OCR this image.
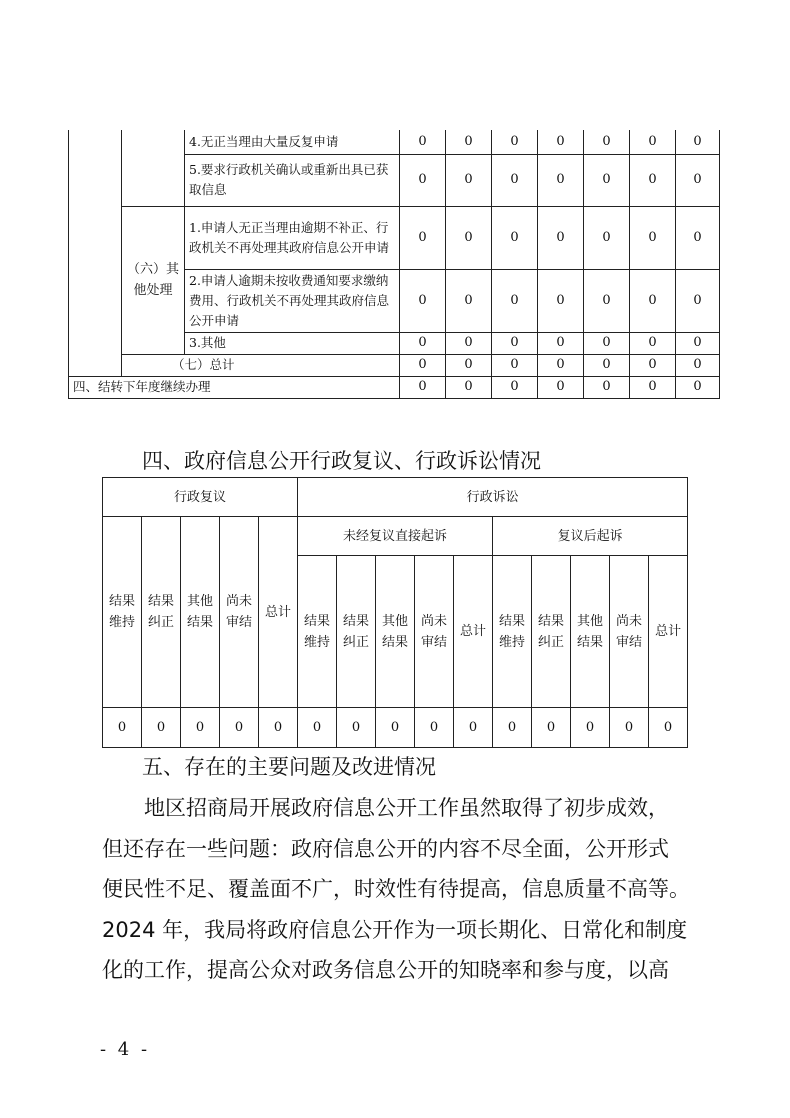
		4.无正当理由大量反复申请	0	0	0	0	0	0	0
		5.要求行政机关确认或重新出具已获取信息	0	0	0	0	0	0	0
	（六）其他处理	1.申请人无正当理由逾期不补正、行政机关不再处理其政府信息公开申请	0	0	0	0	0	0	0
		2.申请人逾期未按收费通知要求缴纳费用、行政机关不再处理其政府信息公开申请	0	0	0	0	0	0	0
		3.其他	0	0	0	0	0	0	0
	（七）总计		0	0	0	0	0	0	0
四、结转下年度继续办理			0	0	0	0	0	0	0
四、政府信息公开行政复议、行政诉讼情况
行政复议					行政诉讼									
结果维持	结果纠正	其他结果	尚未审结	总计	未经复议直接起诉					复议后起诉				
					结果维持	结果纠正	其他结果	尚未审结	总计	结果维持	结果纠正	其他结果	尚未审结	总计
0	0	0	0	0	0	0	0	0	0	0	0	0	0	0
五、存在的主要问题及改进情况
地区招商局开展政府信息公开工作虽然取得了初步成效，
但还存在一些问题：政府信息公开的内容不尽全面，公开形式
便民性不足、覆盖面不广，时效性有待提高，信息质量不高等。
2024 年，我局将政府信息公开作为一项长期化、日常化和制度
化的工作，提高公众对政务信息公开的知晓率和参与度，以高
- 4 -
